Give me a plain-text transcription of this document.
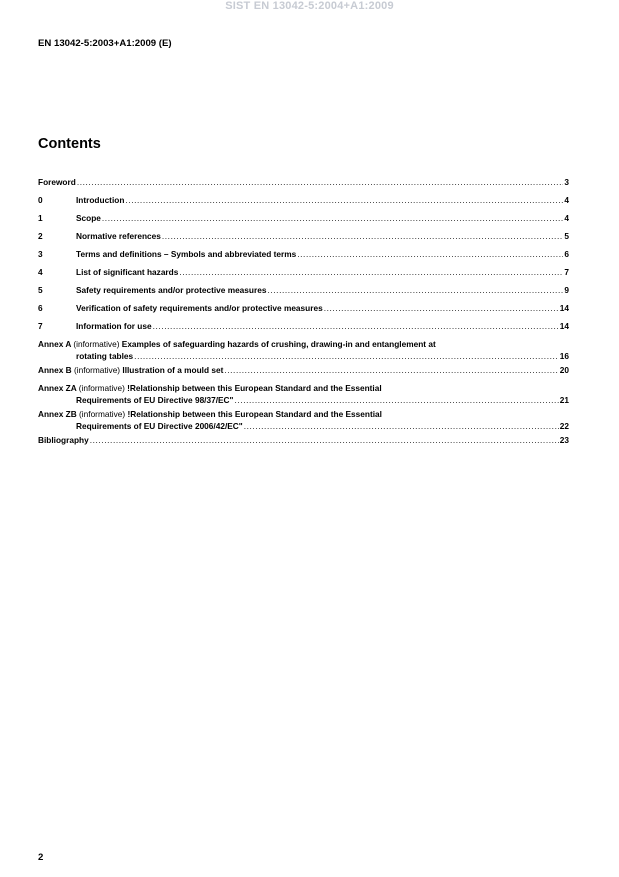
SIST EN 13042-5:2004+A1:2009
EN 13042-5:2003+A1:2009 (E)
Contents
Foreword .....	3
0	Introduction .....	4
1	Scope .....	4
2	Normative references .....	5
3	Terms and definitions – Symbols and abbreviated terms .....	6
4	List of significant hazards .....	7
5	Safety requirements and/or protective measures .....	9
6	Verification of safety requirements and/or protective measures .....	14
7	Information for use .....	14
Annex A (informative) Examples of safeguarding hazards of crushing, drawing-in and entanglement at
rotating tables .....	16
Annex B (informative) Illustration of a mould set .....	20
Annex ZA (informative) !Relationship between this European Standard and the Essential
Requirements of EU Directive 98/37/EC" .....	21
Annex ZB (informative) !Relationship between this European Standard and the Essential
Requirements of EU Directive 2006/42/EC" .....	22
Bibliography .....	23
2
